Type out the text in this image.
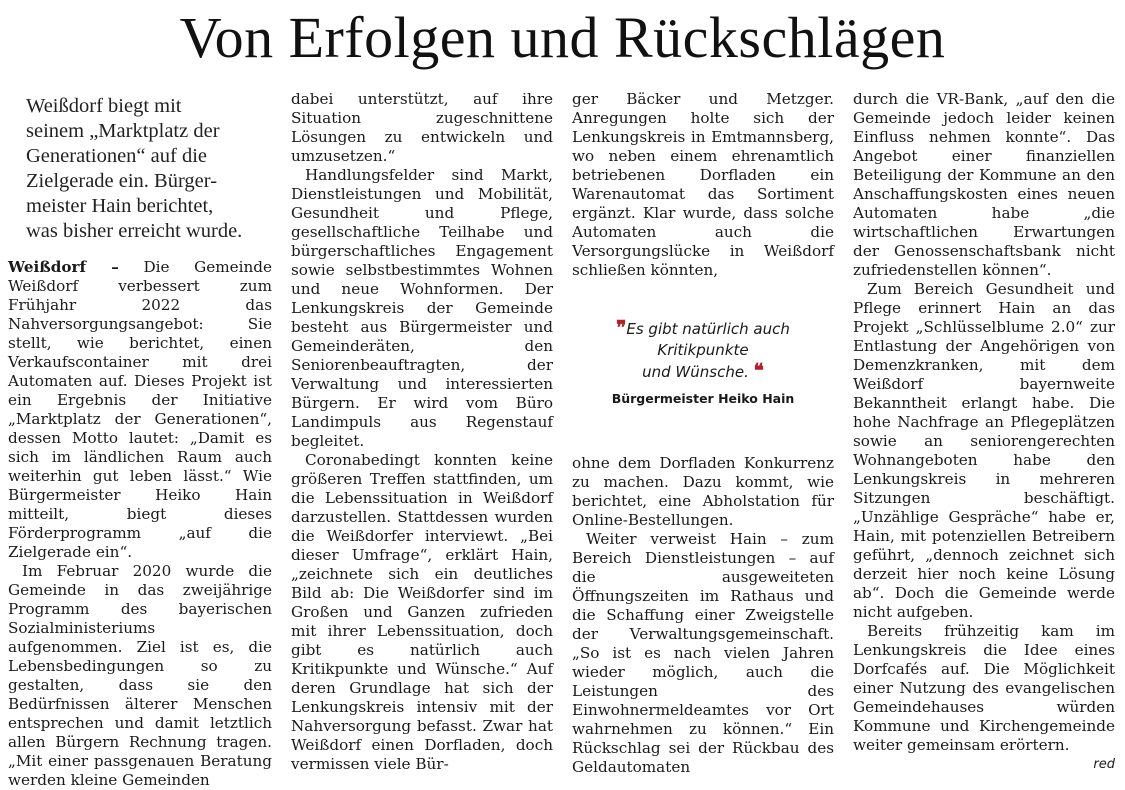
Von Erfolgen und Rückschlägen
Weißdorf biegt mit
seinem „Marktplatz der
Generationen“ auf die
Zielgerade ein. Bürger-
meister Hain berichtet,
was bisher erreicht wurde.

Weißdorf – Die Gemeinde Weißdorf verbessert zum Frühjahr 2022 das Nahversorgungsangebot: Sie stellt, wie berichtet, einen Verkaufscontainer mit drei Automaten auf. Dieses Projekt ist ein Ergebnis der Initiative „Marktplatz der Generationen“, dessen Motto lautet: „Damit es sich im ländlichen Raum auch weiterhin gut leben lässt.“ Wie Bürgermeister Heiko Hain mitteilt, biegt dieses Förderprogramm „auf die Zielgerade ein“.

Im Februar 2020 wurde die Gemeinde in das zweijährige Programm des bayerischen Sozialministeriums aufgenommen. Ziel ist es, die Lebensbedingungen so zu gestalten, dass sie den Bedürfnissen älterer Menschen entsprechen und damit letztlich allen Bürgern Rechnung tragen. „Mit einer passgenauen Beratung werden kleine Gemeinden

dabei unterstützt, auf ihre Situation zugeschnittene Lösungen zu entwickeln und umzusetzen.“

Handlungsfelder sind Markt, Dienstleistungen und Mobilität, Gesundheit und Pflege, gesellschaftliche Teilhabe und bürgerschaftliches Engagement sowie selbstbestimmtes Wohnen und neue Wohnformen. Der Lenkungskreis der Gemeinde besteht aus Bürgermeister und Gemeinderäten, den Seniorenbeauftragten, der Verwaltung und interessierten Bürgern. Er wird vom Büro Landimpuls aus Regenstauf begleitet.

Coronabedingt konnten keine größeren Treffen stattfinden, um die Lebenssituation in Weißdorf darzustellen. Stattdessen wurden die Weißdorfer interviewt. „Bei dieser Umfrage“, erklärt Hain, „zeichnete sich ein deutliches Bild ab: Die Weißdorfer sind im Großen und Ganzen zufrieden mit ihrer Lebenssituation, doch gibt es natürlich auch Kritikpunkte und Wünsche.“ Auf deren Grundlage hat sich der Lenkungskreis intensiv mit der Nahversorgung befasst. Zwar hat Weißdorf einen Dorfladen, doch vermissen viele Bür-

ger Bäcker und Metzger. Anregungen holte sich der Lenkungskreis in Emtmannsberg, wo neben einem ehrenamtlich betriebenen Dorfladen ein Warenautomat das Sortiment ergänzt. Klar wurde, dass solche Automaten auch die Versorgungslücke in Weißdorf schließen könnten,

❞Es gibt natürlich auch
Kritikpunkte
und Wünsche. ❝
Bürgermeister Heiko Hain

ohne dem Dorfladen Konkurrenz zu machen. Dazu kommt, wie berichtet, eine Abholstation für Online-Bestellungen.

Weiter verweist Hain – zum Bereich Dienstleistungen – auf die ausgeweiteten Öffnungszeiten im Rathaus und die Schaffung einer Zweigstelle der Verwaltungsgemeinschaft. „So ist es nach vielen Jahren wieder möglich, auch die Leistungen des Einwohnermeldeamtes vor Ort wahrnehmen zu können.“ Ein Rückschlag sei der Rückbau des Geldautomaten

durch die VR-Bank, „auf den die Gemeinde jedoch leider keinen Einfluss nehmen konnte“. Das Angebot einer finanziellen Beteiligung der Kommune an den Anschaffungskosten eines neuen Automaten habe „die wirtschaftlichen Erwartungen der Genossenschaftsbank nicht zufriedenstellen können“.

Zum Bereich Gesundheit und Pflege erinnert Hain an das Projekt „Schlüsselblume 2.0“ zur Entlastung der Angehörigen von Demenzkranken, mit dem Weißdorf bayernweite Bekanntheit erlangt habe. Die hohe Nachfrage an Pflegeplätzen sowie an seniorengerechten Wohnangeboten habe den Lenkungskreis in mehreren Sitzungen beschäftigt. „Unzählige Gespräche“ habe er, Hain, mit potenziellen Betreibern geführt, „dennoch zeichnet sich derzeit hier noch keine Lösung ab“. Doch die Gemeinde werde nicht aufgeben.

Bereits frühzeitig kam im Lenkungskreis die Idee eines Dorfcafés auf. Die Möglichkeit einer Nutzung des evangelischen Gemeindehauses würden Kommune und Kirchengemeinde weiter gemeinsam erörtern.

red
